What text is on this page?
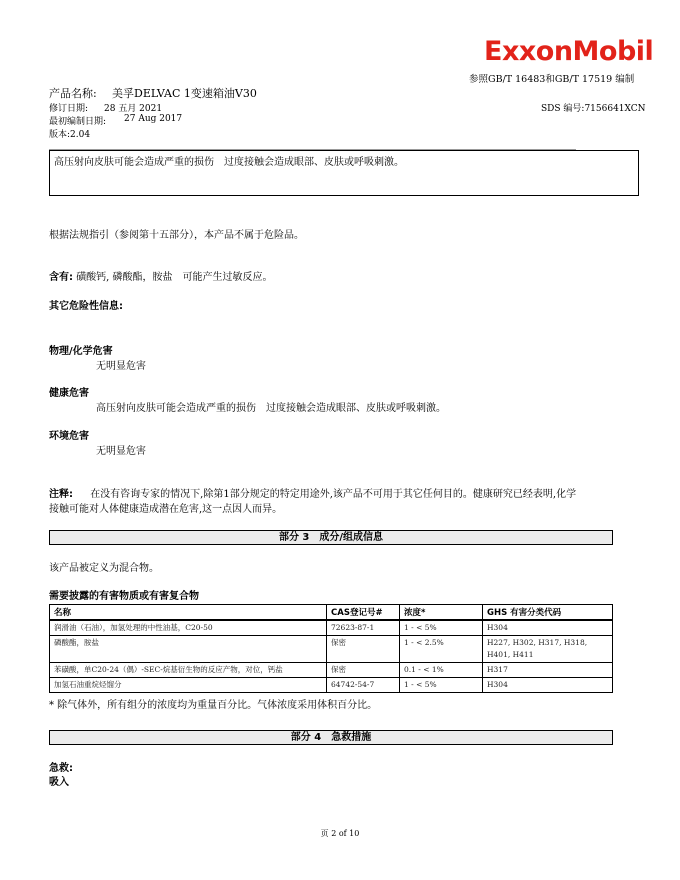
ExxonMobil
参照GB/T 16483和GB/T 17519 编制
产品名称: 美孚DELVAC 1变速箱油V30
修订日期: 28 五月 2021	SDS 编号:7156641XCN
最初编制日期: 27 Aug 2017
版本:2.04
高压射向皮肤可能会造成严重的损伤　过度接触会造成眼部、皮肤或呼吸刺激。
根据法规指引（参阅第十五部分），本产品不属于危险品。
含有: 磺酸钙, 磷酸酯，胺盐　可能产生过敏反应。
其它危险性信息:
物理/化学危害
无明显危害
健康危害
高压射向皮肤可能会造成严重的损伤　过度接触会造成眼部、皮肤或呼吸刺激。
环境危害
无明显危害
注释: 在没有咨询专家的情况下,除第1部分规定的特定用途外,该产品不可用于其它任何目的。健康研究已经表明,化学
接触可能对人体健康造成潜在危害,这一点因人而异。
部分 3　成分/组成信息
该产品被定义为混合物。
需要披露的有害物质或有害复合物
名称	CAS登记号#	浓度*	GHS 有害分类代码
润滑油（石油），加氢处理的中性油基，C20-50	72623-87-1	1 - < 5%	H304
磷酸酯，胺盐	保密	1 - < 2.5%	H227, H302, H317, H318, H401, H411
苯磺酸，单C20-24（偶）-SEC-烷基衍生物的反应产物，对位，钙盐	保密	0.1 - < 1%	H317
加氢石油重烷烃馏分	64742-54-7	1 - < 5%	H304
* 除气体外，所有组分的浓度均为重量百分比。气体浓度采用体积百分比。
部分 4　急救措施
急救:
吸入
页 2 of 10
